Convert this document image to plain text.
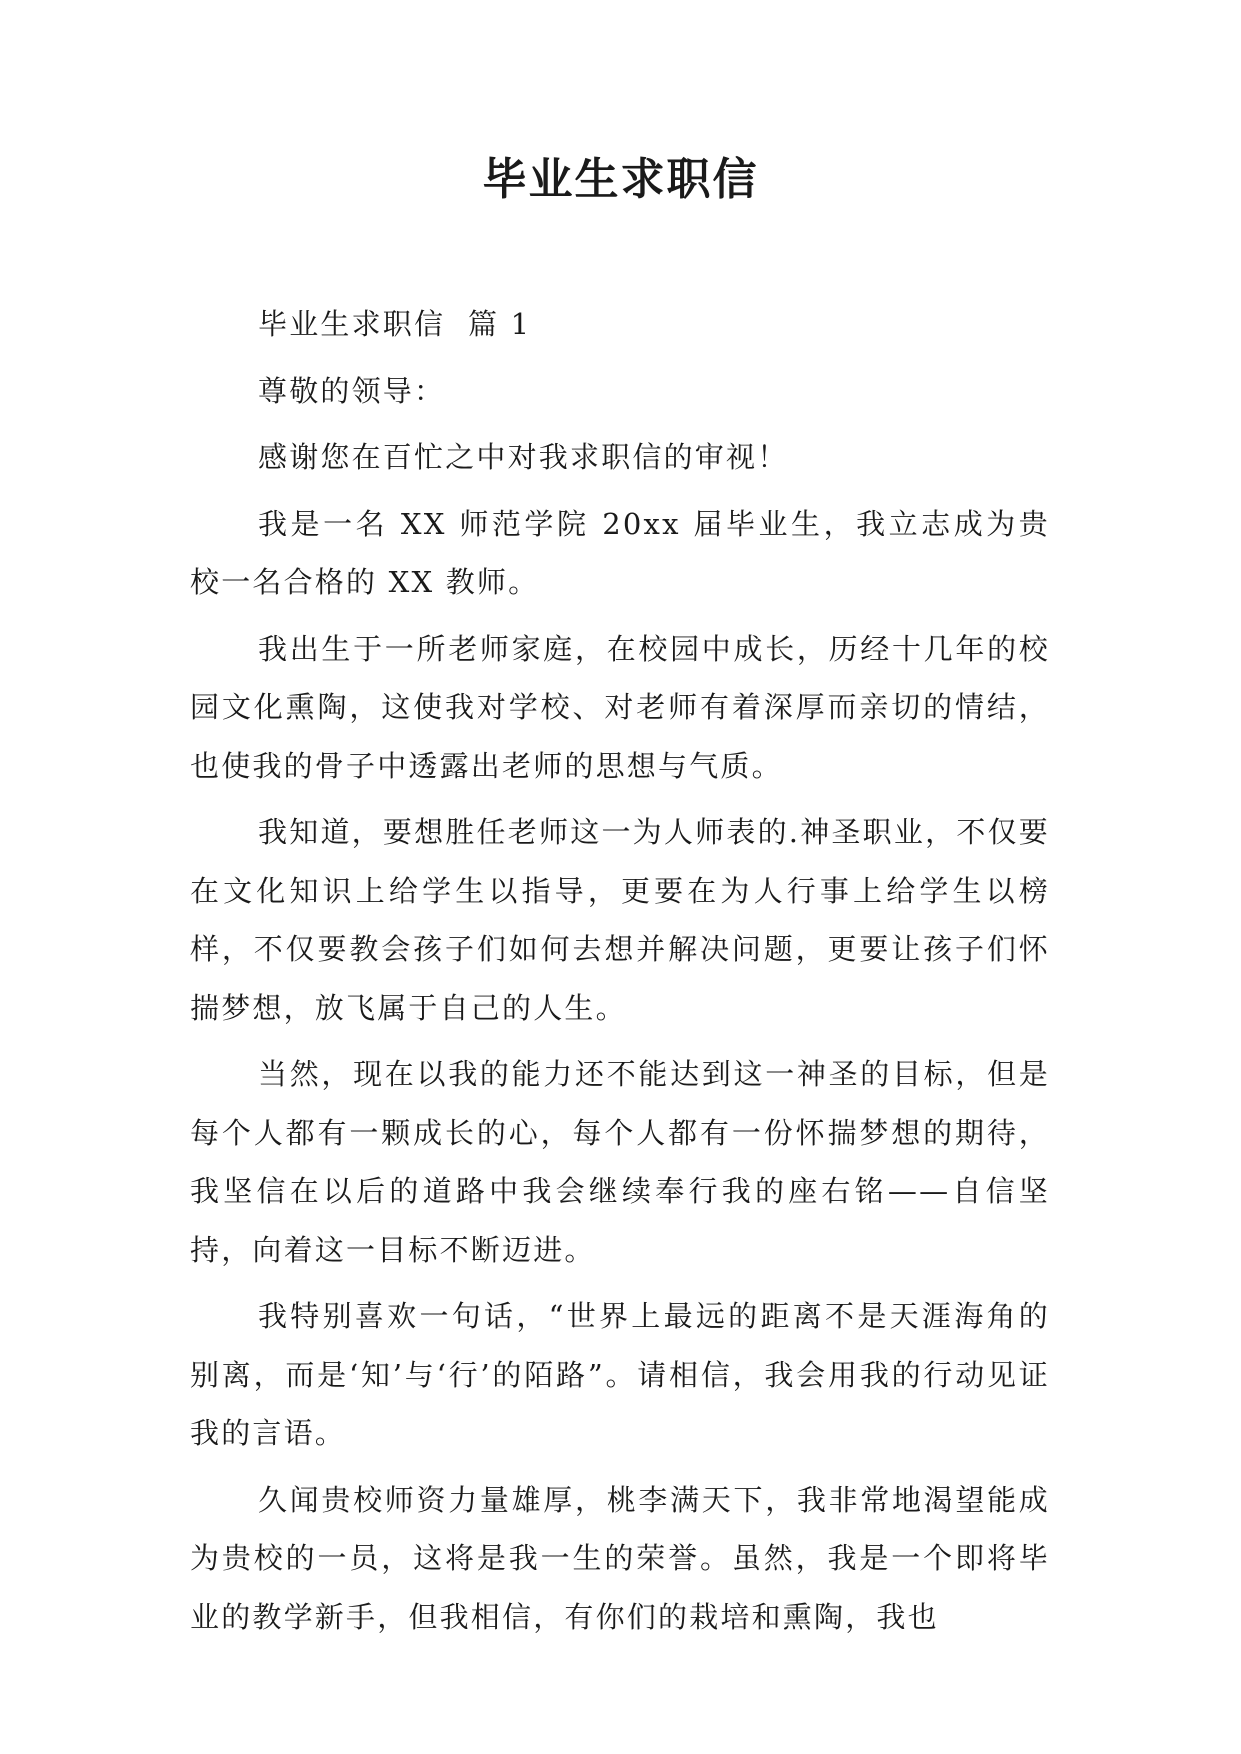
毕业生求职信

毕业生求职信  篇 1

尊敬的领导：

感谢您在百忙之中对我求职信的审视！

我是一名 XX 师范学院 20xx 届毕业生，我立志成为贵校一名合格的 XX 教师。

我出生于一所老师家庭，在校园中成长，历经十几年的校园文化熏陶，这使我对学校、对老师有着深厚而亲切的情结，也使我的骨子中透露出老师的思想与气质。

我知道，要想胜任老师这一为人师表的.神圣职业，不仅要在文化知识上给学生以指导，更要在为人行事上给学生以榜样，不仅要教会孩子们如何去想并解决问题，更要让孩子们怀揣梦想，放飞属于自己的人生。

当然，现在以我的能力还不能达到这一神圣的目标，但是每个人都有一颗成长的心，每个人都有一份怀揣梦想的期待，我坚信在以后的道路中我会继续奉行我的座右铭——自信坚持，向着这一目标不断迈进。

我特别喜欢一句话，“世界上最远的距离不是天涯海角的别离，而是‘知’与‘行’的陌路”。请相信，我会用我的行动见证我的言语。

久闻贵校师资力量雄厚，桃李满天下，我非常地渴望能成为贵校的一员，这将是我一生的荣誉。虽然，我是一个即将毕业的教学新手，但我相信，有你们的栽培和熏陶，我也
